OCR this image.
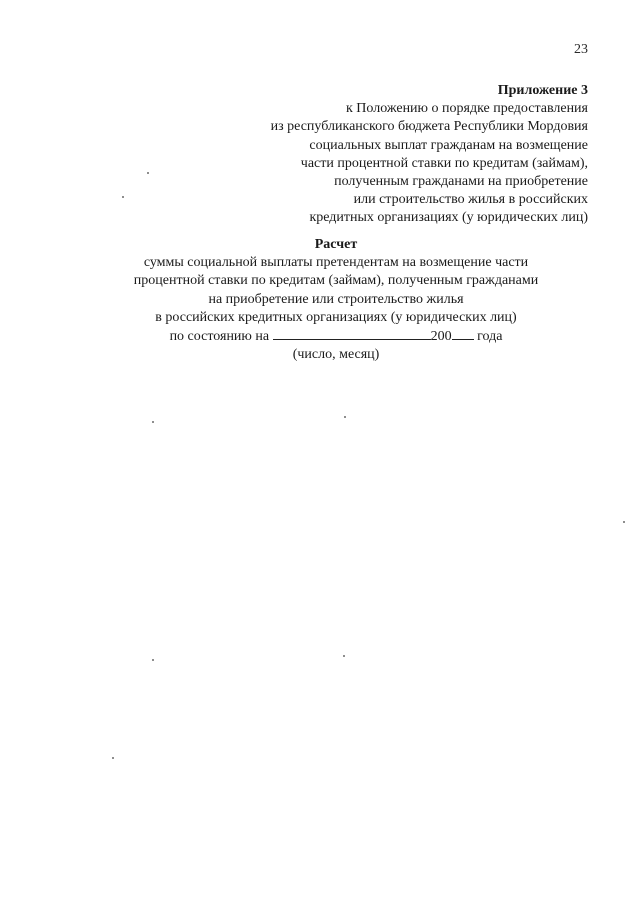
23
Приложение 3
к Положению о порядке предоставления
из республиканского бюджета Республики Мордовия
социальных выплат гражданам на возмещение
части процентной ставки по кредитам (займам),
полученным гражданами на приобретение
или строительство жилья в российских
кредитных организациях (у юридических лиц)
Расчет
суммы социальной выплаты претендентам на возмещение части
процентной ставки по кредитам (займам), полученным гражданами
на приобретение или строительство жилья
в российских кредитных организациях (у юридических лиц)
по состоянию на	200 года
(число, месяц)
